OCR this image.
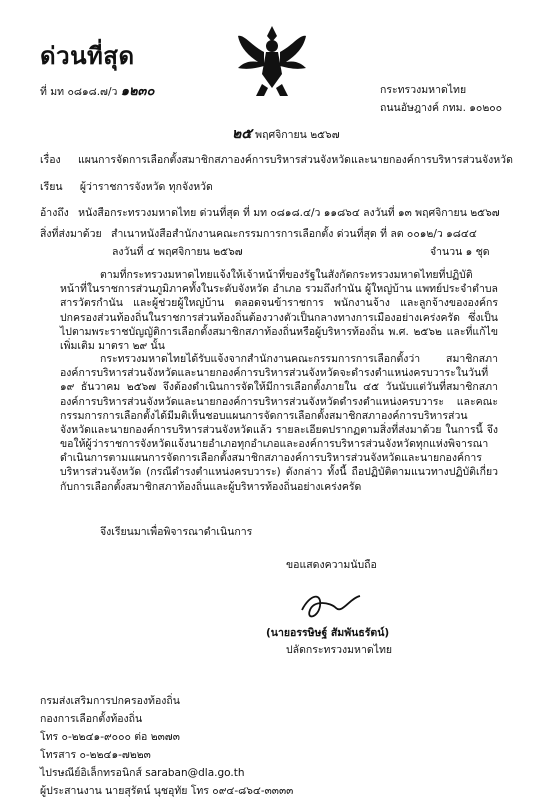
ด่วนที่สุด
ที่ มท ๐๘๑๘.๗/ว ๑๒๓๐	กระทรวงมหาดไทย
ถนนอัษฎางค์ กทม. ๑๐๒๐๐
๒๕ พฤศจิกายน ๒๕๖๗
เรื่อง แผนการจัดการเลือกตั้งสมาชิกสภาองค์การบริหารส่วนจังหวัดและนายกองค์การบริหารส่วนจังหวัด
เรียน ผู้ว่าราชการจังหวัด ทุกจังหวัด
อ้างถึง หนังสือกระทรวงมหาดไทย ด่วนที่สุด ที่ มท ๐๘๑๘.๔/ว ๑๑๘๖๔ ลงวันที่ ๑๓ พฤศจิกายน ๒๕๖๗
สิ่งที่ส่งมาด้วย สำเนาหนังสือสำนักงานคณะกรรมการการเลือกตั้ง ด่วนที่สุด ที่ ลต ๐๐๑๒/ว ๑๘๔๔
ลงวันที่ ๔ พฤศจิกายน ๒๕๖๗	จำนวน ๑ ชุด
ตามที่กระทรวงมหาดไทยแจ้งให้เจ้าหน้าที่ของรัฐในสังกัดกระทรวงมหาดไทยที่ปฏิบัติหน้าที่ในราชการส่วนภูมิภาคทั้งในระดับจังหวัด อำเภอ รวมถึงกำนัน ผู้ใหญ่บ้าน แพทย์ประจำตำบล สารวัตรกำนัน และผู้ช่วยผู้ใหญ่บ้าน ตลอดจนข้าราชการ พนักงานจ้าง และลูกจ้างขององค์กรปกครองส่วนท้องถิ่นในราชการส่วนท้องถิ่นต้องวางตัวเป็นกลางทางการเมืองอย่างเคร่งครัด ซึ่งเป็นไปตามพระราชบัญญัติการเลือกตั้งสมาชิกสภาท้องถิ่นหรือผู้บริหารท้องถิ่น พ.ศ. ๒๕๖๒ และที่แก้ไขเพิ่มเติม มาตรา ๒๙ นั้น
กระทรวงมหาดไทยได้รับแจ้งจากสำนักงานคณะกรรมการการเลือกตั้งว่า สมาชิกสภาองค์การบริหารส่วนจังหวัดและนายกองค์การบริหารส่วนจังหวัดจะดำรงตำแหน่งครบวาระในวันที่ ๑๙ ธันวาคม ๒๕๖๗ จึงต้องดำเนินการจัดให้มีการเลือกตั้งภายใน ๔๕ วันนับแต่วันที่สมาชิกสภาองค์การบริหารส่วนจังหวัดและนายกองค์การบริหารส่วนจังหวัดดำรงตำแหน่งครบวาระ และคณะกรรมการการเลือกตั้งได้มีมติเห็นชอบแผนการจัดการเลือกตั้งสมาชิกสภาองค์การบริหารส่วนจังหวัดและนายกองค์การบริหารส่วนจังหวัดแล้ว รายละเอียดปรากฏตามสิ่งที่ส่งมาด้วย ในการนี้ จึงขอให้ผู้ว่าราชการจังหวัดแจ้งนายอำเภอทุกอำเภอและองค์การบริหารส่วนจังหวัดทุกแห่งพิจารณาดำเนินการตามแผนการจัดการเลือกตั้งสมาชิกสภาองค์การบริหารส่วนจังหวัดและนายกองค์การบริหารส่วนจังหวัด (กรณีดำรงตำแหน่งครบวาระ) ดังกล่าว ทั้งนี้ ถือปฏิบัติตามแนวทางปฏิบัติเกี่ยวกับการเลือกตั้งสมาชิกสภาท้องถิ่นและผู้บริหารท้องถิ่นอย่างเคร่งครัด
จึงเรียนมาเพื่อพิจารณาดำเนินการ
ขอแสดงความนับถือ
(นายอรรษิษฐ์ สัมพันธรัตน์)
ปลัดกระทรวงมหาดไทย
กรมส่งเสริมการปกครองท้องถิ่น
กองการเลือกตั้งท้องถิ่น
โทร ๐-๒๒๔๑-๙๐๐๐ ต่อ ๒๓๗๓
โทรสาร ๐-๒๒๔๑-๗๒๒๓
ไปรษณีย์อิเล็กทรอนิกส์ saraban@dla.go.th
ผู้ประสานงาน นายสุรัตน์ นุชอุทัย โทร ๐๙๔-๘๖๔-๓๓๓๓
